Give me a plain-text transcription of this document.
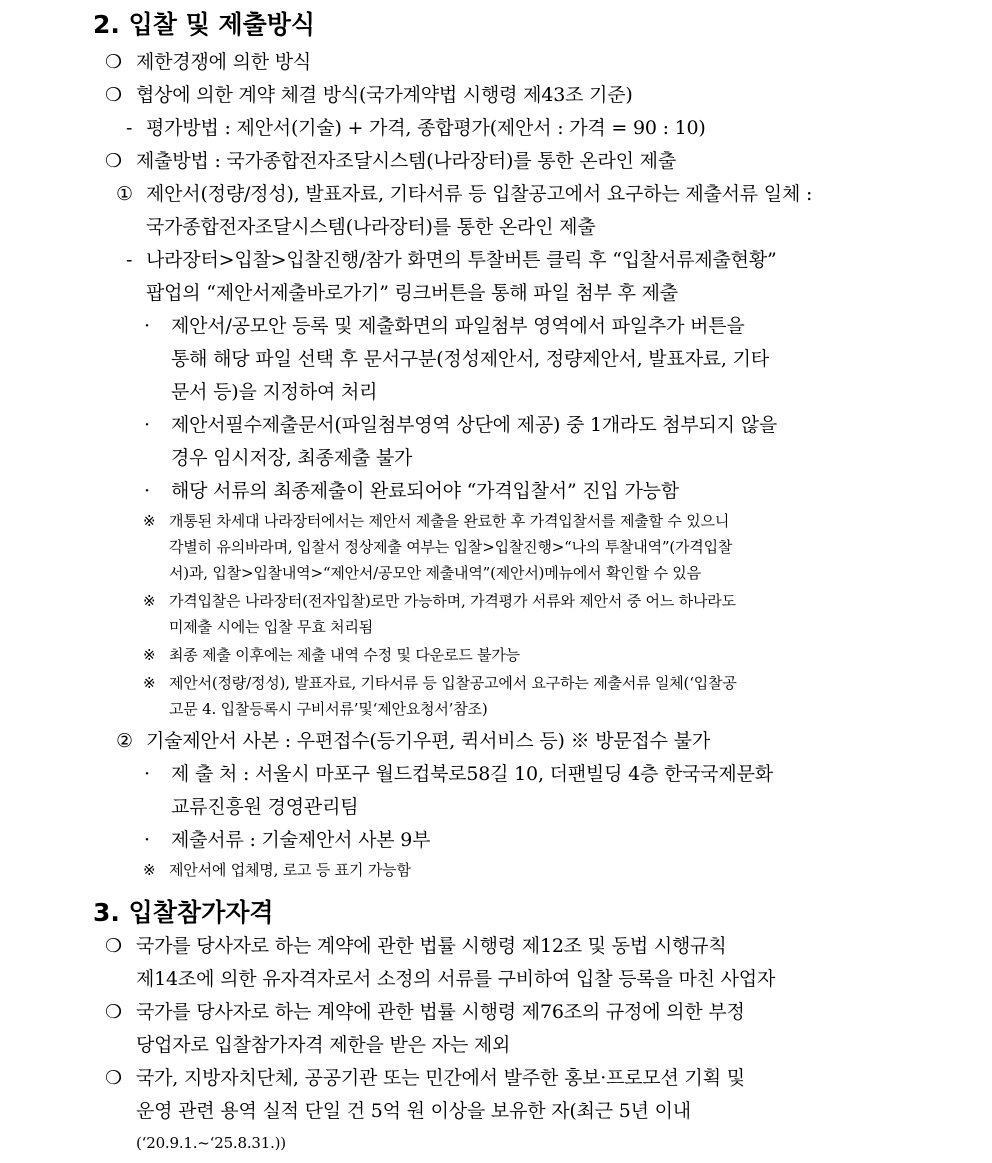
2. 입찰 및 제출방식
❍ 제한경쟁에 의한 방식
❍ 협상에 의한 계약 체결 방식(국가계약법 시행령 제43조 기준)
- 평가방법 : 제안서(기술) + 가격, 종합평가(제안서 : 가격 = 90 : 10)
❍ 제출방법 : 국가종합전자조달시스템(나라장터)를 통한 온라인 제출
① 제안서(정량/정성), 발표자료, 기타서류 등 입찰공고에서 요구하는 제출서류 일체 :
국가종합전자조달시스템(나라장터)를 통한 온라인 제출
- 나라장터>입찰>입찰진행/참가 화면의 투찰버튼 클릭 후 “입찰서류제출현황”
팝업의 “제안서제출바로가기” 링크버튼을 통해 파일 첨부 후 제출
· 제안서/공모안 등록 및 제출화면의 파일첨부 영역에서 파일추가 버튼을
통해 해당 파일 선택 후 문서구분(정성제안서, 정량제안서, 발표자료, 기타
문서 등)을 지정하여 처리
· 제안서필수제출문서(파일첨부영역 상단에 제공) 중 1개라도 첨부되지 않을
경우 임시저장, 최종제출 불가
· 해당 서류의 최종제출이 완료되어야 “가격입찰서” 진입 가능함
※ 개통된 차세대 나라장터에서는 제안서 제출을 완료한 후 가격입찰서를 제출할 수 있으니
각별히 유의바라며, 입찰서 정상제출 여부는 입찰>입찰진행>“나의 투찰내역”(가격입찰
서)과, 입찰>입찰내역>“제안서/공모안 제출내역”(제안서)메뉴에서 확인할 수 있음
※ 가격입찰은 나라장터(전자입찰)로만 가능하며, 가격평가 서류와 제안서 중 어느 하나라도
미제출 시에는 입찰 무효 처리됨
※ 최종 제출 이후에는 제출 내역 수정 및 다운로드 불가능
※ 제안서(정량/정성), 발표자료, 기타서류 등 입찰공고에서 요구하는 제출서류 일체(‘입찰공
고문 4. 입찰등록시 구비서류’및‘제안요청서’참조)
② 기술제안서 사본 : 우편접수(등기우편, 퀵서비스 등) ※ 방문접수 불가
· 제 출 처 : 서울시 마포구 월드컵북로58길 10, 더팬빌딩 4층 한국국제문화
교류진흥원 경영관리팀
· 제출서류 : 기술제안서 사본 9부
※ 제안서에 업체명, 로고 등 표기 가능함
3. 입찰참가자격
❍ 국가를 당사자로 하는 계약에 관한 법률 시행령 제12조 및 동법 시행규칙
제14조에 의한 유자격자로서 소정의 서류를 구비하여 입찰 등록을 마친 사업자
❍ 국가를 당사자로 하는 계약에 관한 법률 시행령 제76조의 규정에 의한 부정
당업자로 입찰참가자격 제한을 받은 자는 제외
❍ 국가, 지방자치단체, 공공기관 또는 민간에서 발주한 홍보·프로모션 기획 및
운영 관련 용역 실적 단일 건 5억 원 이상을 보유한 자(최근 5년 이내
(‘20.9.1.~‘25.8.31.))
